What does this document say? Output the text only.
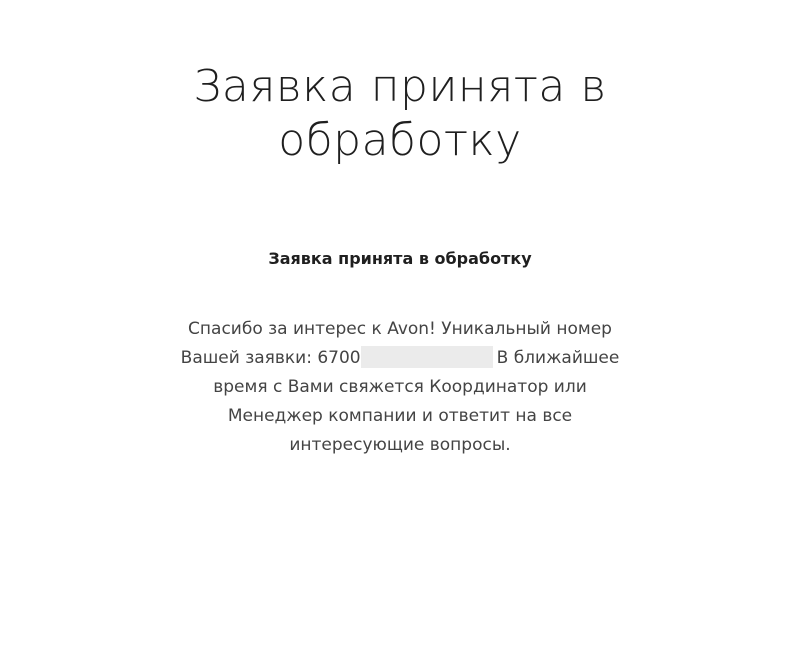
Заявка принята в
обработку
Заявка принята в обработку

Спасибо за интерес к Avon! Уникальный номер
Вашей заявки: 6700	В ближайшее
время с Вами свяжется Координатор или
Менеджер компании и ответит на все
интересующие вопросы.
